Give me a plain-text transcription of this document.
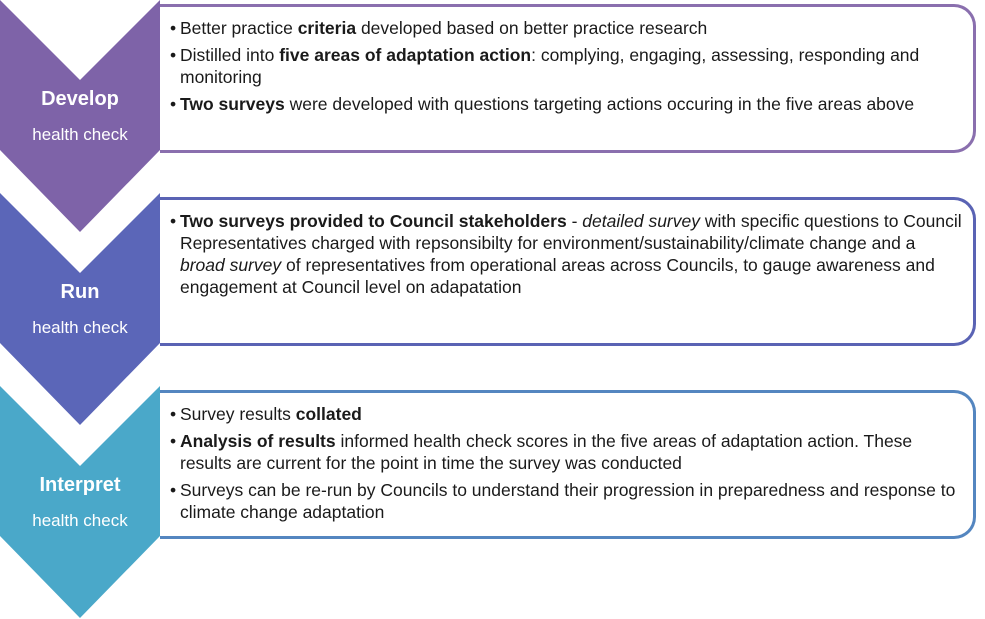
Develop
health check
Run
health check
Interpret
health check
• Better practice criteria developed based on better practice research
• Distilled into five areas of adaptation action: complying, engaging, assessing, responding and monitoring
• Two surveys were developed with questions targeting actions occuring in the five areas above
• Two surveys provided to Council stakeholders - detailed survey with specific questions to Council Representatives charged with repsonsibilty for environment/sustainability/climate change and a broad survey of representatives from operational areas across Councils, to gauge awareness and engagement at Council level on adapatation
• Survey results collated
• Analysis of results informed health check scores in the five areas of adaptation action. These results are current for the point in time the survey was conducted
• Surveys can be re-run by Councils to understand their progression in preparedness and response to climate change adaptation
